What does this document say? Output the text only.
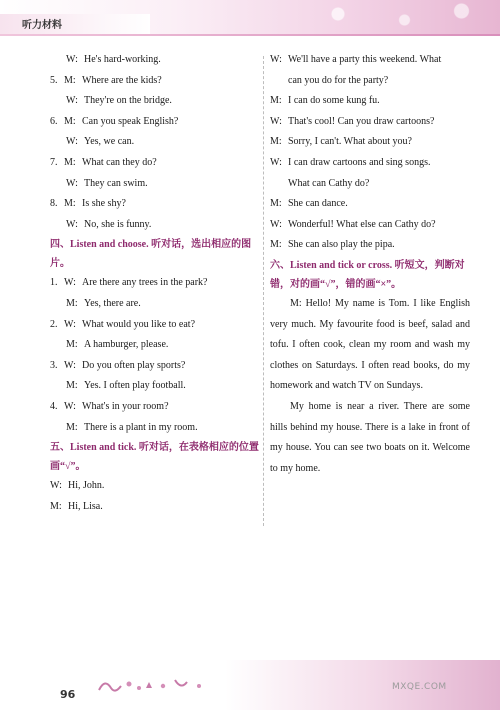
听力材料
W: He's hard-working.
5. M: Where are the kids?
W: They're on the bridge.
6. M: Can you speak English?
W: Yes, we can.
7. M: What can they do?
W: They can swim.
8. M: Is she shy?
W: No, she is funny.
四、Listen and choose. 听对话，选出相应的图片。
1. W: Are there any trees in the park?
M: Yes, there are.
2. W: What would you like to eat?
M: A hamburger, please.
3. W: Do you often play sports?
M: Yes. I often play football.
4. W: What's in your room?
M: There is a plant in my room.
五、Listen and tick. 听对话，在表格相应的位置画“√”。
W: Hi, John.
M: Hi, Lisa.
W: We'll have a party this weekend. What
can you do for the party?
M: I can do some kung fu.
W: That's cool! Can you draw cartoons?
M: Sorry, I can't. What about you?
W: I can draw cartoons and sing songs.
What can Cathy do?
M: She can dance.
W: Wonderful! What else can Cathy do?
M: She can also play the pipa.
六、Listen and tick or cross. 听短文，判断对错，对的画“√”，错的画“×”。
M: Hello! My name is Tom. I like English very much. My favourite food is beef, salad and tofu. I often cook, clean my room and wash my clothes on Saturdays. I often read books, do my homework and watch TV on Sundays.
My home is near a river. There are some hills behind my house. There is a lake in front of my house. You can see two boats on it. Welcome to my home.
96
MXQE.COM
